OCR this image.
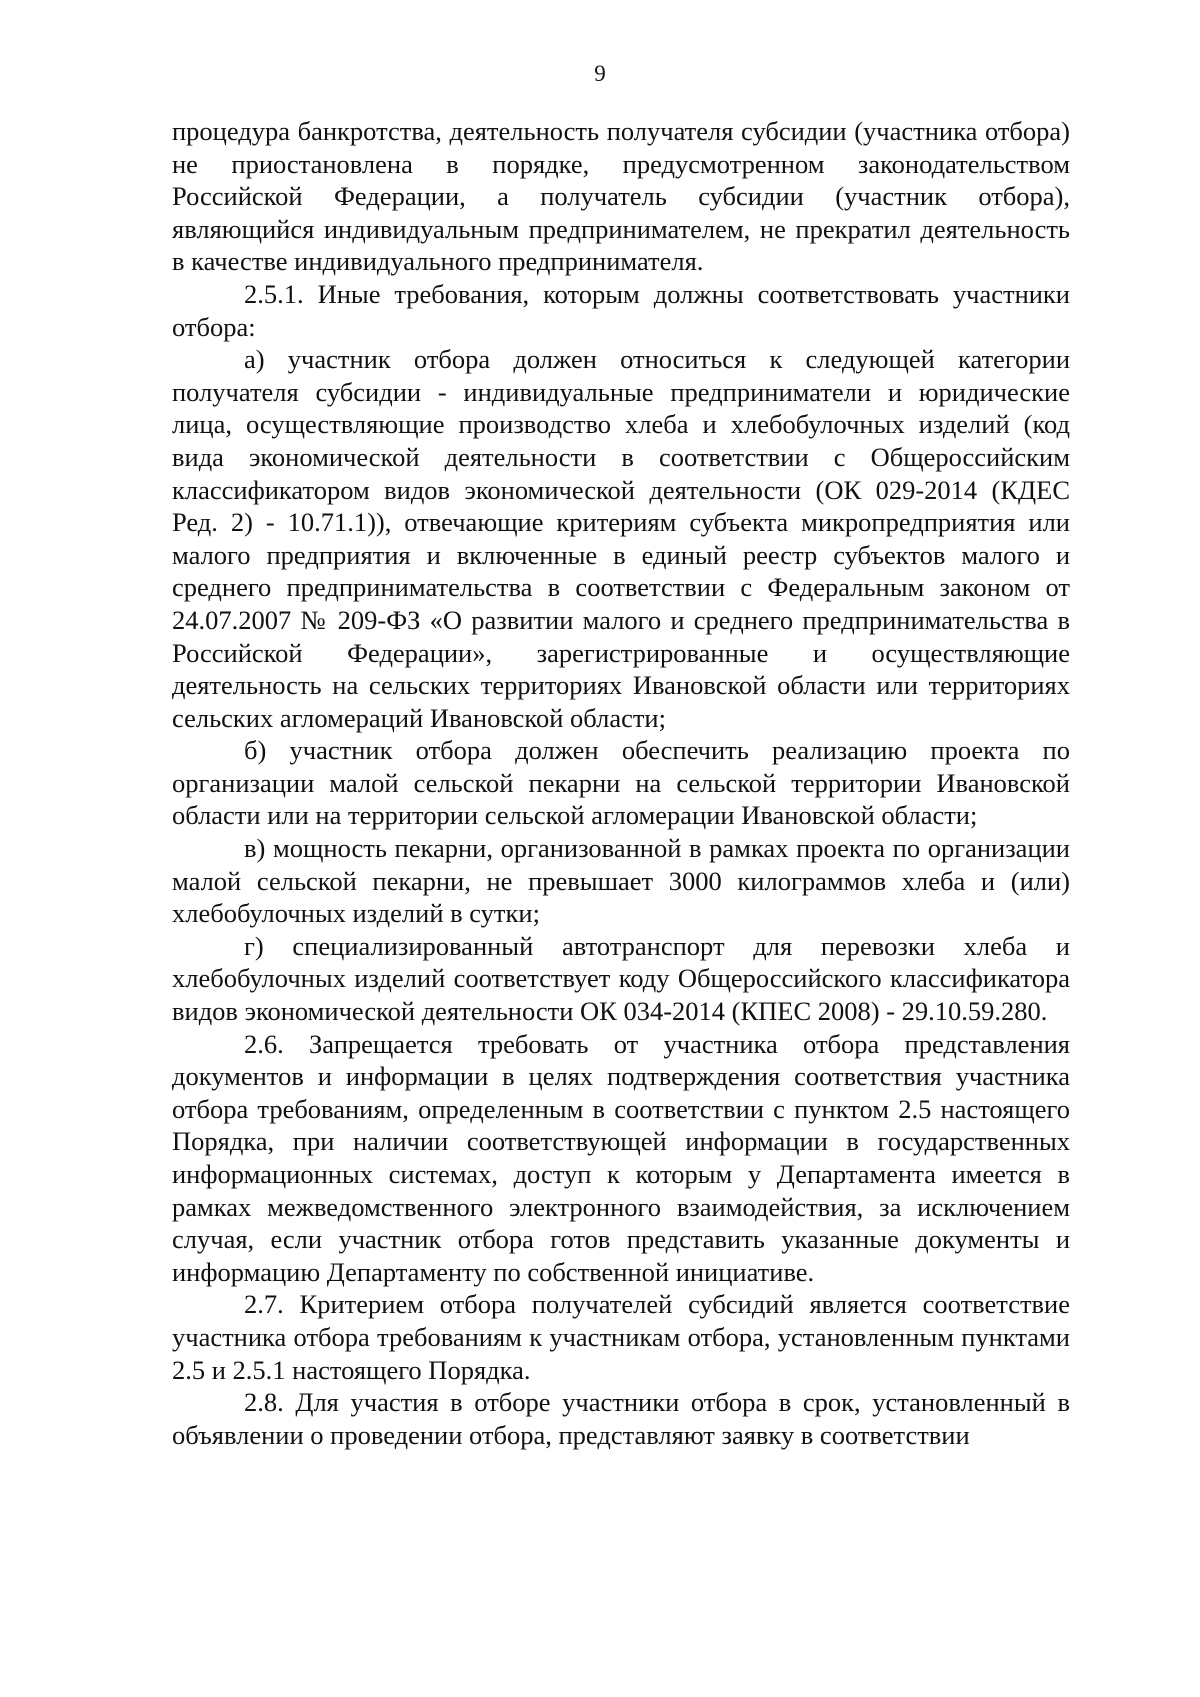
9

процедура банкротства, деятельность получателя субсидии (участника отбора) не приостановлена в порядке, предусмотренном законодательством Российской Федерации, а получатель субсидии (участник отбора), являющийся индивидуальным предпринимателем, не прекратил деятельность в качестве индивидуального предпринимателя.

2.5.1. Иные требования, которым должны соответствовать участники отбора:

а) участник отбора должен относиться к следующей категории получателя субсидии - индивидуальные предприниматели и юридические лица, осуществляющие производство хлеба и хлебобулочных изделий (код вида экономической деятельности в соответствии с Общероссийским классификатором видов экономической деятельности (ОК 029-2014 (КДЕС Ред. 2) - 10.71.1)), отвечающие критериям субъекта микропредприятия или малого предприятия и включенные в единый реестр субъектов малого и среднего предпринимательства в соответствии с Федеральным законом от 24.07.2007 № 209-ФЗ «О развитии малого и среднего предпринимательства в Российской Федерации», зарегистрированные и осуществляющие деятельность на сельских территориях Ивановской области или территориях сельских агломераций Ивановской области;

б) участник отбора должен обеспечить реализацию проекта по организации малой сельской пекарни на сельской территории Ивановской области или на территории сельской агломерации Ивановской области;

в) мощность пекарни, организованной в рамках проекта по организации малой сельской пекарни, не превышает 3000 килограммов хлеба и (или) хлебобулочных изделий в сутки;

г) специализированный автотранспорт для перевозки хлеба и хлебобулочных изделий соответствует коду Общероссийского классификатора видов экономической деятельности ОК 034-2014 (КПЕС 2008) - 29.10.59.280.

2.6. Запрещается требовать от участника отбора представления документов и информации в целях подтверждения соответствия участника отбора требованиям, определенным в соответствии с пунктом 2.5 настоящего Порядка, при наличии соответствующей информации в государственных информационных системах, доступ к которым у Департамента имеется в рамках межведомственного электронного взаимодействия, за исключением случая, если участник отбора готов представить указанные документы и информацию Департаменту по собственной инициативе.

2.7. Критерием отбора получателей субсидий является соответствие участника отбора требованиям к участникам отбора, установленным пунктами 2.5 и 2.5.1 настоящего Порядка.

2.8. Для участия в отборе участники отбора в срок, установленный в объявлении о проведении отбора, представляют заявку в соответствии
